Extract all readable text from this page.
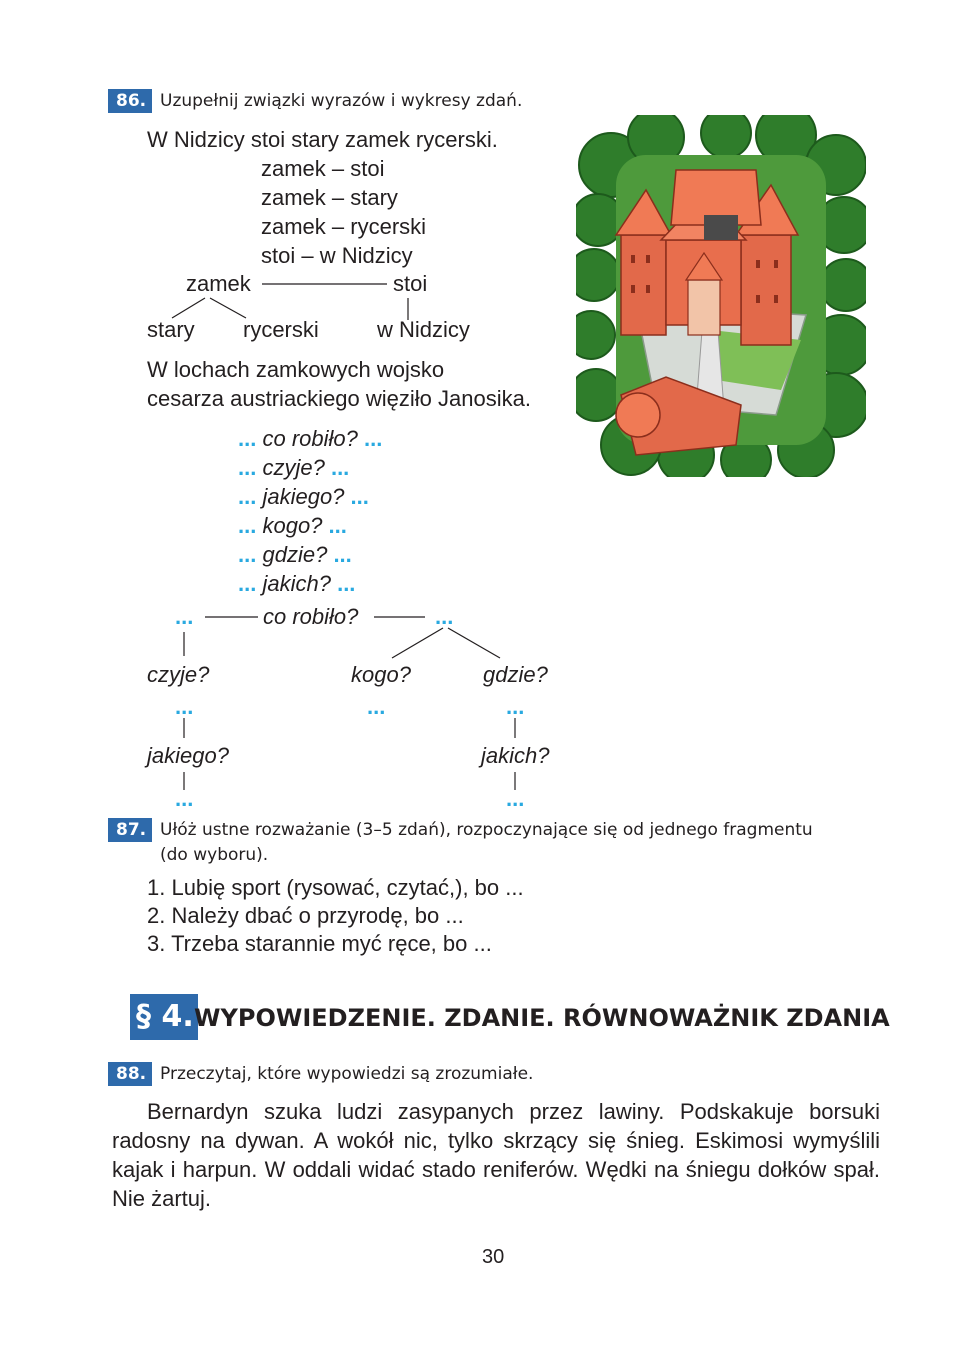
86. Uzupełnij związki wyrazów i wykresy zdań.
W Nidzicy stoi stary zamek rycerski.
zamek – stoi
zamek – stary
zamek – rycerski
stoi – w Nidzicy
zamek	stoi
stary rycerski	w Nidzicy
W lochach zamkowych wojsko
cesarza austriackiego więziło Janosika.
... co robiło? ...
... czyje? ...
... jakiego? ...
... kogo? ...
... gdzie? ...
... jakich? ...
...	co robiło?	...
czyje?	kogo?	gdzie?
...	...	...
jakiego?	jakich?
...	...
87. Ułóż ustne rozważanie (3–5 zdań), rozpoczynające się od jednego fragmentu
(do wyboru).
1. Lubię sport (rysować, czytać,), bo ...
2. Należy dbać o przyrodę, bo ...
3. Trzeba starannie myć ręce, bo ...
§ 4. WYPOWIEDZENIE. ZDANIE. RÓWNOWAŻNIK ZDANIA
88. Przeczytaj, które wypowiedzi są zrozumiałe.
Bernardyn szuka ludzi zasypanych przez lawiny. Podskakuje borsuki radosny na dywan. A wokół nic, tylko skrzący się śnieg. Eskimosi wymyślili kajak i harpun. W oddali widać stado reniferów. Wędki na śniegu dołków spał. Nie żartuj.
30
